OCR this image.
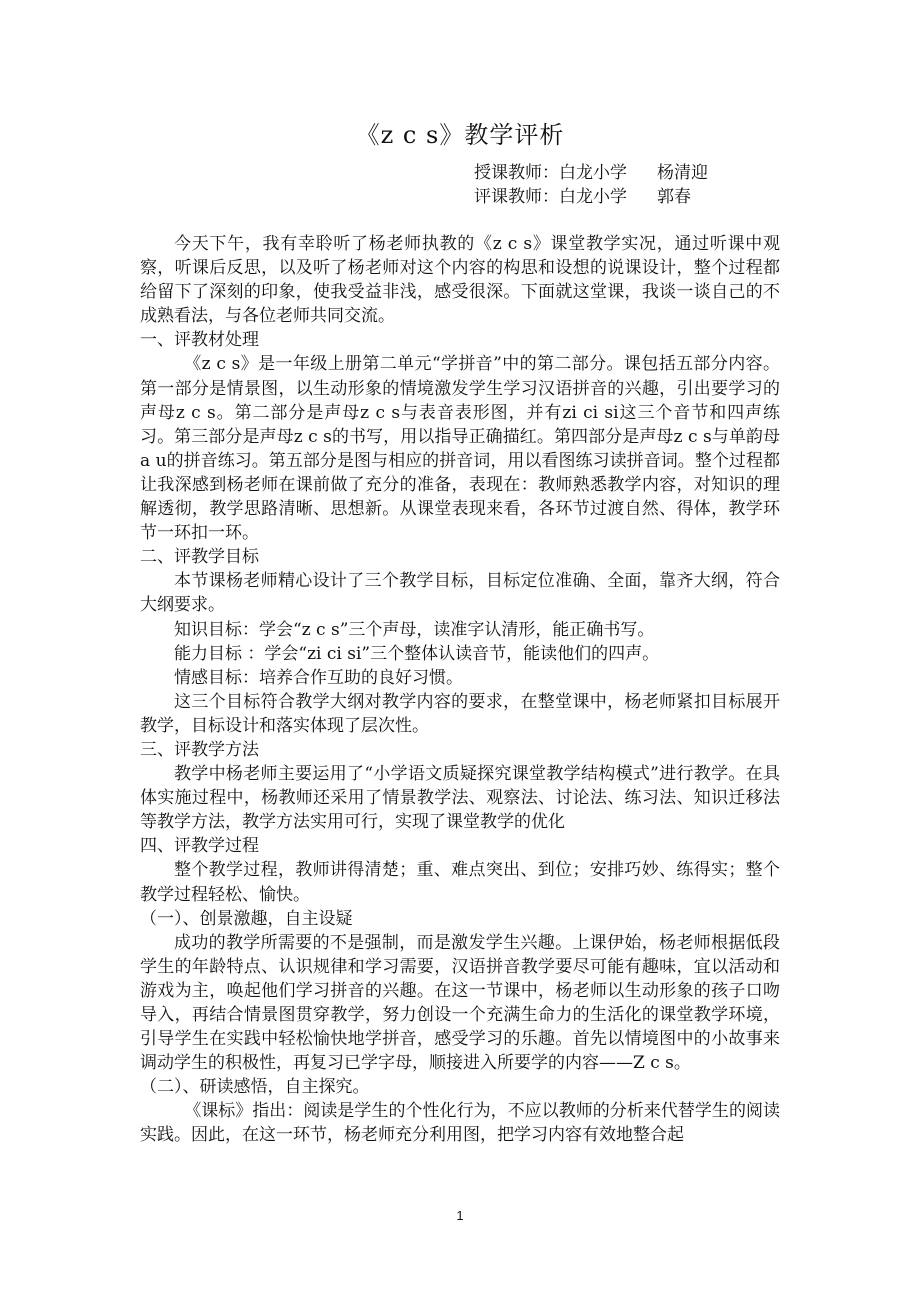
《z c s》教学评析
授课教师：白龙小学 杨清迎
评课教师：白龙小学 郭春

今天下午，我有幸聆听了杨老师执教的《z c s》课堂教学实况，通过听课中观察，听课后反思，以及听了杨老师对这个内容的构思和设想的说课设计，整个过程都给留下了深刻的印象，使我受益非浅，感受很深。下面就这堂课，我谈一谈自己的不成熟看法，与各位老师共同交流。

一、评教材处理

《z c s》是一年级上册第二单元“学拼音”中的第二部分。课包括五部分内容。第一部分是情景图，以生动形象的情境激发学生学习汉语拼音的兴趣，引出要学习的声母z c s。第二部分是声母z c s与表音表形图，并有zi ci si这三个音节和四声练习。第三部分是声母z c s的书写，用以指导正确描红。第四部分是声母z c s与单韵母a u的拼音练习。第五部分是图与相应的拼音词，用以看图练习读拼音词。整个过程都让我深感到杨老师在课前做了充分的准备，表现在：教师熟悉教学内容，对知识的理解透彻，教学思路清晰、思想新。从课堂表现来看，各环节过渡自然、得体，教学环节一环扣一环。

二、评教学目标

本节课杨老师精心设计了三个教学目标，目标定位准确、全面，靠齐大纲，符合大纲要求。

知识目标：学会“z c s”三个声母，读准字认清形，能正确书写。

能力目标 ：学会“zi ci si”三个整体认读音节，能读他们的四声。

情感目标：培养合作互助的良好习惯。

这三个目标符合教学大纲对教学内容的要求，在整堂课中，杨老师紧扣目标展开教学，目标设计和落实体现了层次性。

三、评教学方法

教学中杨老师主要运用了“小学语文质疑探究课堂教学结构模式”进行教学。在具体实施过程中，杨教师还采用了情景教学法、观察法、讨论法、练习法、知识迁移法等教学方法，教学方法实用可行，实现了课堂教学的优化

四、评教学过程

整个教学过程，教师讲得清楚；重、难点突出、到位；安排巧妙、练得实；整个教学过程轻松、愉快。

（一）、创景激趣，自主设疑

成功的教学所需要的不是强制，而是激发学生兴趣。上课伊始，杨老师根据低段学生的年龄特点、认识规律和学习需要，汉语拼音教学要尽可能有趣味，宜以活动和游戏为主，唤起他们学习拼音的兴趣。在这一节课中，杨老师以生动形象的孩子口吻导入，再结合情景图贯穿教学，努力创设一个充满生命力的生活化的课堂教学环境，引导学生在实践中轻松愉快地学拼音，感受学习的乐趣。首先以情境图中的小故事来调动学生的积极性，再复习已学字母，顺接进入所要学的内容——Z c s。

（二）、研读感悟，自主探究。

《课标》指出：阅读是学生的个性化行为，不应以教师的分析来代替学生的阅读实践。因此，在这一环节，杨老师充分利用图，把学习内容有效地整合起

1
